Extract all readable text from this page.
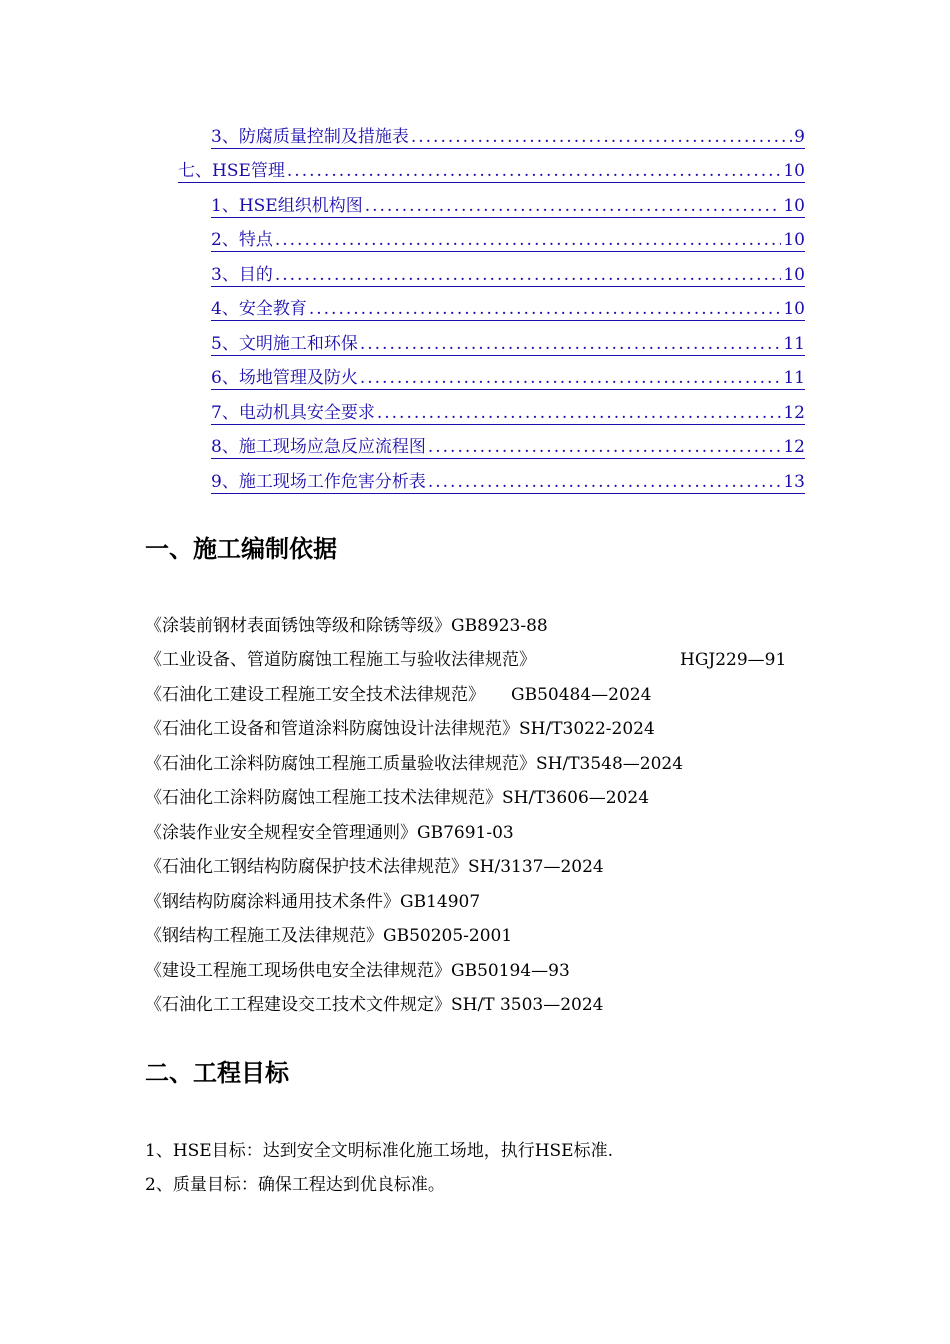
3、防腐质量控制及措施表 .....	9
七、HSE管理 .....	10
1、HSE组织机构图 .....	10
2、特点 .....	10
3、目的 .....	10
4、安全教育 .....	10
5、文明施工和环保 .....	11
6、场地管理及防火 .....	11
7、电动机具安全要求 .....	12
8、施工现场应急反应流程图 .....	12
9、施工现场工作危害分析表 .....	13
一、施工编制依据
《涂装前钢材表面锈蚀等级和除锈等级》GB8923-88
《工业设备、管道防腐蚀工程施工与验收法律规范》	HGJ229—91
《石油化工建设工程施工安全技术法律规范》 GB50484—2024
《石油化工设备和管道涂料防腐蚀设计法律规范》SH/T3022-2024
《石油化工涂料防腐蚀工程施工质量验收法律规范》SH/T3548—2024
《石油化工涂料防腐蚀工程施工技术法律规范》SH/T3606—2024
《涂装作业安全规程安全管理通则》GB7691-03
《石油化工钢结构防腐保护技术法律规范》SH/3137—2024
《钢结构防腐涂料通用技术条件》GB14907
《钢结构工程施工及法律规范》GB50205-2001
《建设工程施工现场供电安全法律规范》GB50194—93
《石油化工工程建设交工技术文件规定》SH/T 3503—2024
二、工程目标
1、HSE目标：达到安全文明标准化施工场地，执行HSE标准.
2、质量目标：确保工程达到优良标准。
